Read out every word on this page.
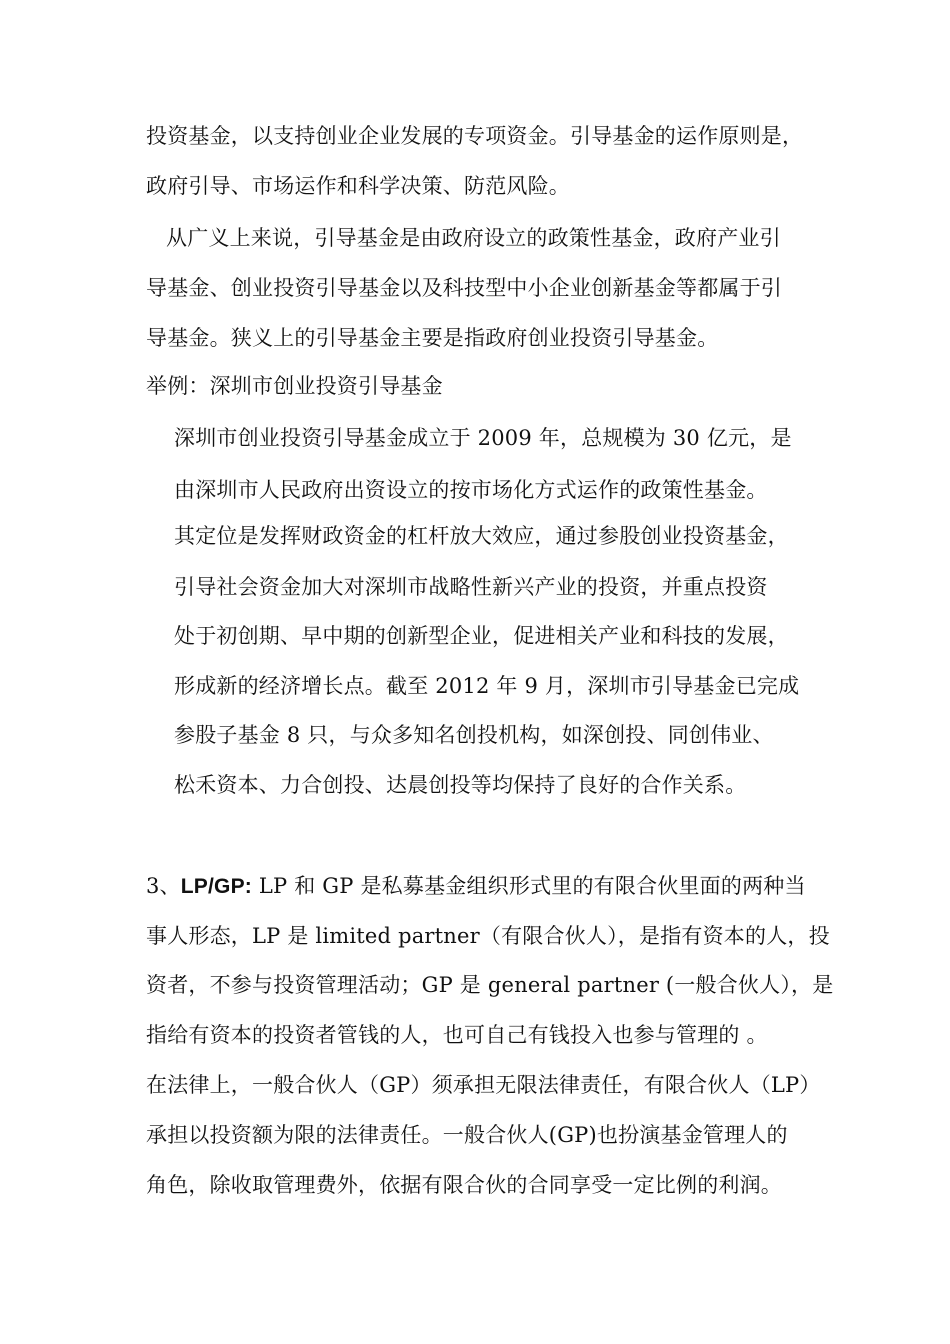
投资基金，以支持创业企业发展的专项资金。引导基金的运作原则是，
政府引导、市场运作和科学决策、防范风险。
从广义上来说，引导基金是由政府设立的政策性基金，政府产业引
导基金、创业投资引导基金以及科技型中小企业创新基金等都属于引
导基金。狭义上的引导基金主要是指政府创业投资引导基金。
举例：深圳市创业投资引导基金
深圳市创业投资引导基金成立于 2009 年，总规模为 30 亿元，是
由深圳市人民政府出资设立的按市场化方式运作的政策性基金。
其定位是发挥财政资金的杠杆放大效应，通过参股创业投资基金，
引导社会资金加大对深圳市战略性新兴产业的投资，并重点投资
处于初创期、早中期的创新型企业，促进相关产业和科技的发展，
形成新的经济增长点。截至 2012 年 9 月，深圳市引导基金已完成
参股子基金 8 只，与众多知名创投机构，如深创投、同创伟业、
松禾资本、力合创投、达晨创投等均保持了良好的合作关系。
3、LP/GP: LP 和 GP 是私募基金组织形式里的有限合伙里面的两种当
事人形态，LP 是 limited partner（有限合伙人），是指有资本的人，投
资者，不参与投资管理活动；GP 是 general partner (一般合伙人），是
指给有资本的投资者管钱的人，也可自己有钱投入也参与管理的 。
在法律上，一般合伙人（GP）须承担无限法律责任，有限合伙人（LP）
承担以投资额为限的法律责任。一般合伙人(GP)也扮演基金管理人的
角色，除收取管理费外，依据有限合伙的合同享受一定比例的利润。
